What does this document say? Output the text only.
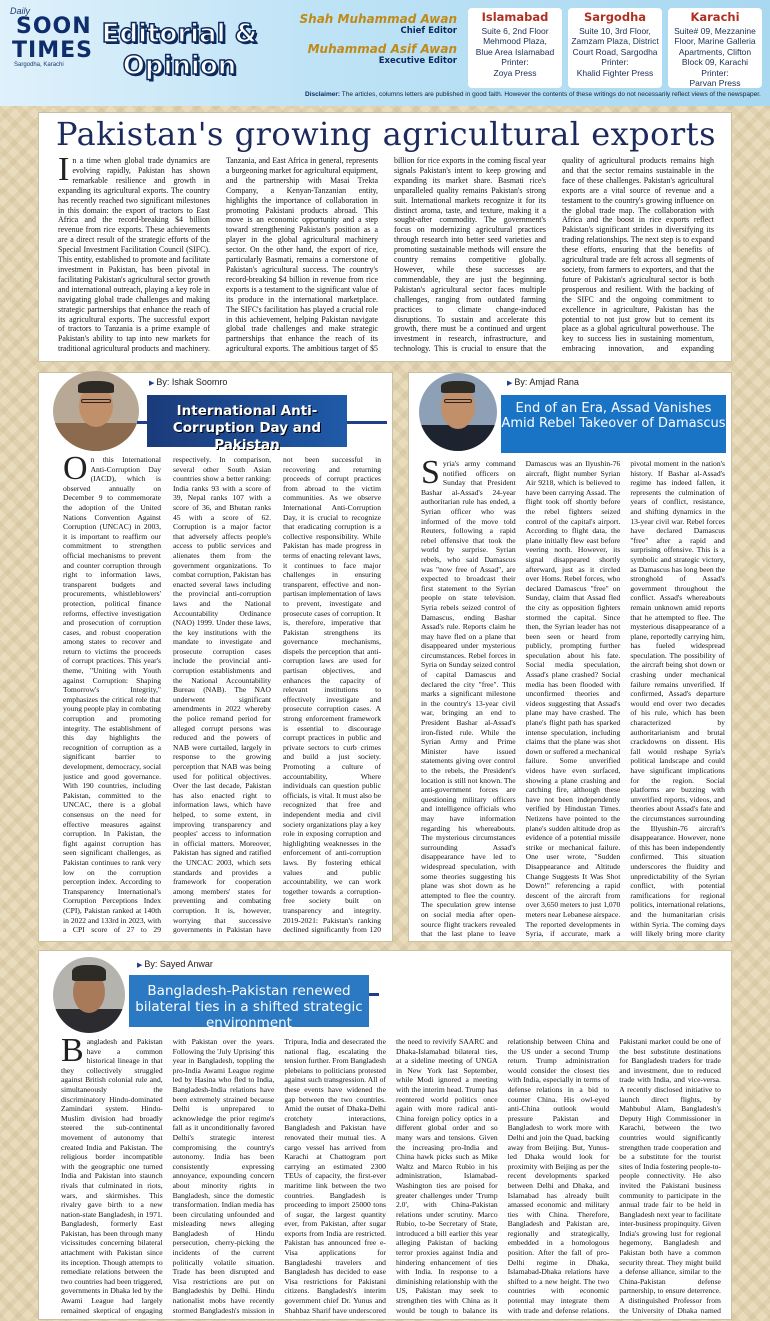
Daily
SOON
TIMES
Sargodha, Karachi
Editorial &
Opinion
Shah Muhammad Awan
Chief Editor
Muhammad Asif Awan
Executive Editor
Islamabad
Suite 6, 2nd Floor
Mehmood Plaza,
Blue Area Islamabad
Printer:
Zoya Press
Sargodha
Suite 10, 3rd Floor,
Zamzam Plaza, District
Court Road, Sargodha
Printer:
Khalid Fighter Press
Karachi
Suite# 09, Mezzanine
Floor, Marine Galleria
Apartments, Clifton
Block 09, Karachi
Printer:
Parvan Press
Disclaimer: The articles, columns letters are published in good faith. However the contents of these writings do not necessarily reflect views of the newspaper.
Pakistan's growing agricultural exports
In a time when global trade dynamics are evolving rapidly, Pakistan has shown remarkable resilience and growth in expanding its agricultural exports. The country has recently reached two significant milestones in this domain: the export of tractors to East Africa and the record-breaking $4 billion revenue from rice exports. These achievements are a direct result of the strategic efforts of the Special Investment Facilitation Council (SIFC). This entity, established to promote and facilitate investment in Pakistan, has been pivotal in facilitating Pakistan's agricultural sector growth and international outreach, playing a key role in navigating global trade challenges and making strategic partnerships that enhance the reach of its agricultural exports. The successful export of tractors to Tanzania is a prime example of Pakistan's ability to tap into new markets for traditional agricultural products and machinery. Tanzania, and East Africa in general, represents a burgeoning market for agricultural equipment, and the partnership with Masai Trekta Company, a Kenyan-Tanzanian entity, highlights the importance of collaboration in promoting Pakistani products abroad. This move is an economic opportunity and a step toward strengthening Pakistan's position as a player in the global agricultural machinery sector. On the other hand, the export of rice, particularly Basmati, remains a cornerstone of Pakistan's agricultural success. The country's record-breaking $4 billion in revenue from rice exports is a testament to the significant value of its produce in the international marketplace. The SIFC's facilitation has played a crucial role in this achievement, helping Pakistan navigate global trade challenges and make strategic partnerships that enhance the reach of its agricultural exports. The ambitious target of $5 billion for rice exports in the coming fiscal year signals Pakistan's intent to keep growing and expanding its market share. Basmati rice's unparalleled quality remains Pakistan's strong suit. International markets recognize it for its distinct aroma, taste, and texture, making it a sought-after commodity. The government's focus on modernizing agricultural practices through research into better seed varieties and promoting sustainable methods will ensure the country remains competitive globally. However, while these successes are commendable, they are just the beginning. Pakistan's agricultural sector faces multiple challenges, ranging from outdated farming practices to climate change-induced disruptions. To sustain and accelerate this growth, there must be a continued and urgent investment in research, infrastructure, and technology. This is crucial to ensure that the quality of agricultural products remains high and that the sector remains sustainable in the face of these challenges. Pakistan's agricultural exports are a vital source of revenue and a testament to the country's growing influence on the global trade map. The collaboration with Africa and the boost in rice exports reflect Pakistan's significant strides in diversifying its trading relationships. The next step is to expand these efforts, ensuring that the benefits of agricultural trade are felt across all segments of society, from farmers to exporters, and that the future of Pakistan's agricultural sector is both prosperous and resilient. With the backing of the SIFC and the ongoing commitment to excellence in agriculture, Pakistan has the potential to not just grow but to cement its place as a global agricultural powerhouse. The key to success lies in sustaining momentum, embracing innovation, and expanding
▶ By: Ishak Soomro
International Anti-Corruption Day and Pakistan
On this International Anti-Corruption Day (IACD), which is observed annually on December 9 to commemorate the adoption of the United Nations Convention Against Corruption (UNCAC) in 2003, it is important to reaffirm our commitment to strengthen official mechanisms to prevent and counter corruption through right to information laws, transparent budgets and procurements, whistleblowers' protection, political finance reforms, effective investigation and prosecution of corruption cases, and robust cooperation among states to recover and return to victims the proceeds of corrupt practices. This year's theme, "Uniting with Youth against Corruption: Shaping Tomorrow's Integrity," emphasizes the critical role that young people play in combating corruption and promoting integrity. The establishment of this day highlights the recognition of corruption as a significant barrier to development, democracy, social justice and good governance. With 190 countries, including Pakistan, committed to the UNCAC, there is a global consensus on the need for effective measures against corruption. In Pakistan, the fight against corruption has seen significant challenges, as Pakistan continues to rank very low on the corruption perception index. According to Transparency International's Corruption Perceptions Index (CPI), Pakistan ranked at 140th in 2022 and 133rd in 2023, with a CPI score of 27 to 29 respectively. In comparison, several other South Asian countries show a better ranking: India ranks 93 with a score of 39, Nepal ranks 107 with a score of 36, and Bhutan ranks 45 with a score of 62. Corruption is a major factor that adversely affects people's access to public services and alienates them from the government organizations. To combat corruption, Pakistan has enacted several laws including the provincial anti-corruption laws and the National Accountability Ordinance (NAO) 1999. Under these laws, the key institutions with the mandate to investigate and prosecute corruption cases include the provincial anti-corruption establishments and the National Accountability Bureau (NAB). The NAO underwent significant amendments in 2022 whereby the police remand period for alleged corrupt persons was reduced and the powers of NAB were curtailed, largely in response to the growing perception that NAB was being used for political objectives. Over the last decade, Pakistan has also enacted right to information laws, which have helped, to some extent, in improving transparency and peoples' access to information in official matters. Moreover, Pakistan has signed and ratified the UNCAC 2003, which sets standards and provides a framework for cooperation among members' states for preventing and combating corruption. It is, however, worrying that successive governments in Pakistan have not been successful in recovering and returning proceeds of corrupt practices from abroad to the victim communities. As we observe International Anti-Corruption Day, it is crucial to recognize that eradicating corruption is a collective responsibility. While Pakistan has made progress in terms of enacting relevant laws, it continues to face major challenges in ensuring transparent, effective and non-partisan implementation of laws to prevent, investigate and prosecute cases of corruption. It is, therefore, imperative that Pakistan strengthens its governance mechanisms, dispels the perception that anti-corruption laws are used for partisan objectives, and enhances the capacity of relevant institutions to effectively investigate and prosecute corruption cases. A strong enforcement framework is essential to discourage corrupt practices in public and private sectors to curb crimes and build a just society. Promoting a culture of accountability, Where individuals can question public officials, is vital. It must also be recognized that free and independent media and civil society organizations play a key role in exposing corruption and highlighting weaknesses in the enforcement of anti-corruption laws. By fostering ethical values and public accountability, we can work together towards a corruption-free society built on transparency and integrity. 2019-2021: Pakistan's ranking declined significantly from 120
▶ By: Amjad Rana
End of an Era, Assad Vanishes Amid Rebel Takeover of Damascus
Syria's army command notified officers on Sunday that President Bashar al-Assad's 24-year authoritarian rule has ended, a Syrian officer who was informed of the move told Reuters, following a rapid rebel offensive that took the world by surprise. Syrian rebels, who said Damascus was "now free of Assad", are expected to broadcast their first statement to the Syrian people on state television. Syria rebels seized control of Damascus, ending Bashar Assad's rule. Reports claim he may have fled on a plane that disappeared under mysterious circumstances. Rebel forces in Syria on Sunday seized control of capital Damascus and declared the city "free". This marks a significant milestone in the country's 13-year civil war, bringing an end to President Bashar al-Assad's iron-fisted rule. While the Syrian Army and Prime Minister have issued statements giving over control to the rebels, the President's location is still not known. The anti-government forces are questioning military officers and intelligence officials who may have information regarding his whereabouts. The mysterious circumstances surrounding Assad's disappearance have led to widespread speculation, with some theories suggesting his plane was shot down as he attempted to flee the country. The speculation grew intense on social media after open-source flight trackers revealed that the last plane to leave Damascus was an Ilyushin-76 aircraft, flight number Syrian Air 9218, which is believed to have been carrying Assad. The flight took off shortly before the rebel fighters seized control of the capital's airport. According to flight data, the plane initially flew east before veering north. However, its signal disappeared shortly afterward, just as it circled over Homs. Rebel forces, who declared Damascus "free" on Sunday, claim that Assad fled the city as opposition fighters stormed the capital. Since then, the Syrian leader has not been seen or heard from publicly, prompting further speculation about his fate. Social media speculation, Assad's plane crashed? Social media has been flooded with unconfirmed theories and videos suggesting that Assad's plane may have crashed. The plane's flight path has sparked intense speculation, including claims that the plane was shot down or suffered a mechanical failure. Some unverified videos have even surfaced, showing a plane crashing and catching fire, although these have not been independently verified by Hindustan Times. Netizens have pointed to the plane's sudden altitude drop as evidence of a potential missile strike or mechanical failure. One user wrote, "Sudden Disappearance and Altitude Change Suggests It Was Shot Down!" referencing a rapid descent of the aircraft from over 3,650 meters to just 1,070 meters near Lebanese airspace. The reported developments in Syria, if accurate, mark a pivotal moment in the nation's history. If Bashar al-Assad's regime has indeed fallen, it represents the culmination of years of conflict, resistance, and shifting dynamics in the 13-year civil war. Rebel forces have declared Damascus "free" after a rapid and surprising offensive. This is a symbolic and strategic victory, as Damascus has long been the stronghold of Assad's government throughout the conflict. Assad's whereabouts remain unknown amid reports that he attempted to flee. The mysterious disappearance of a plane, reportedly carrying him, has fueled widespread speculation. The possibility of the aircraft being shot down or crashing under mechanical failure remains unverified. If confirmed, Assad's departure would end over two decades of his rule, which has been characterized by authoritarianism and brutal crackdowns on dissent. His fall would reshape Syria's political landscape and could have significant implications for the region. Social platforms are buzzing with unverified reports, videos, and theories about Assad's fate and the circumstances surrounding the Illyushin-76 aircraft's disappearance. However, none of this has been independently confirmed. This situation underscores the fluidity and unpredictability of the Syrian conflict, with potential ramifications for regional politics, international relations, and the humanitarian crisis within Syria. The coming days will likely bring more clarity
▶ By: Sayed Anwar
Bangladesh-Pakistan renewed bilateral ties in a shifted strategic environment
Bangladesh and Pakistan have a common historical lineage in that they collectively struggled against British colonial rule and, simultaneously the discriminatory Hindu-dominated Zamindari system. Hindu-Muslim division had broadly steered the sub-continental movement of autonomy that created India and Pakistan. The religious border incompatible with the geographic one turned India and Pakistan into staunch rivals that culminated in riots, wars, and skirmishes. This rivalry gave birth to a new nation-state Bangladesh, in 1971. Bangladesh, formerly East Pakistan, has been through many vicissitudes concerning bilateral attachment with Pakistan since its inception. Though attempts to remediate relations between the two countries had been triggered, governments in Dhaka led by the Awami League had largely remained skeptical of engaging with Pakistan over the years. Following the 'July Uprising' this year in Bangladesh, toppling the pro-India Awami League regime led by Hasina who fled to India, Bangladesh-India relations have been extremely strained because Delhi is unprepared to acknowledge the prior regime's fall as it unconditionally favored Delhi's strategic interest compromising the country's autonomy. India has been consistently expressing annoyance, expounding concern about minority rights in Bangladesh, since the domestic transformation. Indian media has been circulating unfounded and misleading news alleging Bangladesh of Hindu persecution, cherry-picking the incidents of the current politically volatile situation. Trade has been disrupted and Visa restrictions are put on Bangladeshis by Delhi. Hindu nationalist mobs have recently stormed Bangladesh's mission in Tripura, India and desecrated the national flag, escalating the tension further. From Bangladesh plebeians to politicians protested against such transgression. All of these events have widened the gap between the two countries. Amid the outset of Dhaka-Delhi crotchety interactions, Bangladesh and Pakistan have renovated their mutual ties. A cargo vessel has arrived from Karachi at Chattogram port carrying an estimated 2300 TEUs of capacity, the first-ever maritime link between the two countries. Bangladesh is proceeding to import 25000 tons of sugar, the largest quantity ever, from Pakistan, after sugar exports from India are restricted. Pakistan has announced free e-Visa applications for Bangladeshi travelers and Bangladesh has decided to ease Visa restrictions for Pakistani citizens. Bangladesh's interim government chief Dr. Yunus and Shahbaz Sharif have underscored the need to revivify SAARC and Dhaka-Islamabad bilateral ties, at a sideline meeting of UNGA in New York last September, while Modi ignored a meeting with the interim head. Trump has reentered world politics once again with more radical anti-China foreign policy optics in a different global order and so many wars and tensions. Given the increasing pro-India and China hawk picks such as Mike Waltz and Marco Rubio in his administration, Islamabad-Washington ties are poised for greater challenges under 'Trump 2.0', with China-Pakistan relations under scrutiny. Marco Rubio, to-be Secretary of State, introduced a bill earlier this year alleging Pakistan of backing terror proxies against India and hindering enhancement of ties with India. In response to a diminishing relationship with the US, Pakistan may seek to strengthen ties with China as it would be tough to balance its relationship between China and the US under a second Trump return. Trump administration would consider the closest ties with India, especially in terms of defense relations in a bid to counter China. His owl-eyed anti-China outlook would pressure Pakistan and Bangladesh to work more with Delhi and join the Quad, backing away from Beijing. But, Yunus-led Dhaka would look for proximity with Beijing as per the recent developments sparked between Delhi and Dhaka, and Islamabad has already built amassed economic and military ties with China. Therefore, Bangladesh and Pakistan are, regionally and strategically, embedded in a homologous position. After the fall of pro-Delhi regime in Dhaka, Islamabad-Dhaka relations have shifted to a new height. The two countries with economic potential may integrate them with trade and defense relations. Pakistani market could be one of the best substitute destinations for Bangladesh traders for trade and investment, due to reduced trade with India, and vice-versa. A recently disclosed initiative to launch direct flights, by Mahbubul Alam, Bangladesh's Deputy High Commissioner in Karachi, between the two countries would significantly strengthen trade cooperation and be a substitute for the tourist sites of India fostering people-to-people connectivity. He also invited the Pakistani business community to participate in the annual trade fair to be held in Bangladesh next year to facilitate inter-business propinquity. Given India's growing lust for regional hegemony, Bangladesh and Pakistan both have a common security threat. They might build a defense alliance, similar to the China-Pakistan defense partnership, to ensure deterrence. A distinguished Professor from the University of Dhaka named
